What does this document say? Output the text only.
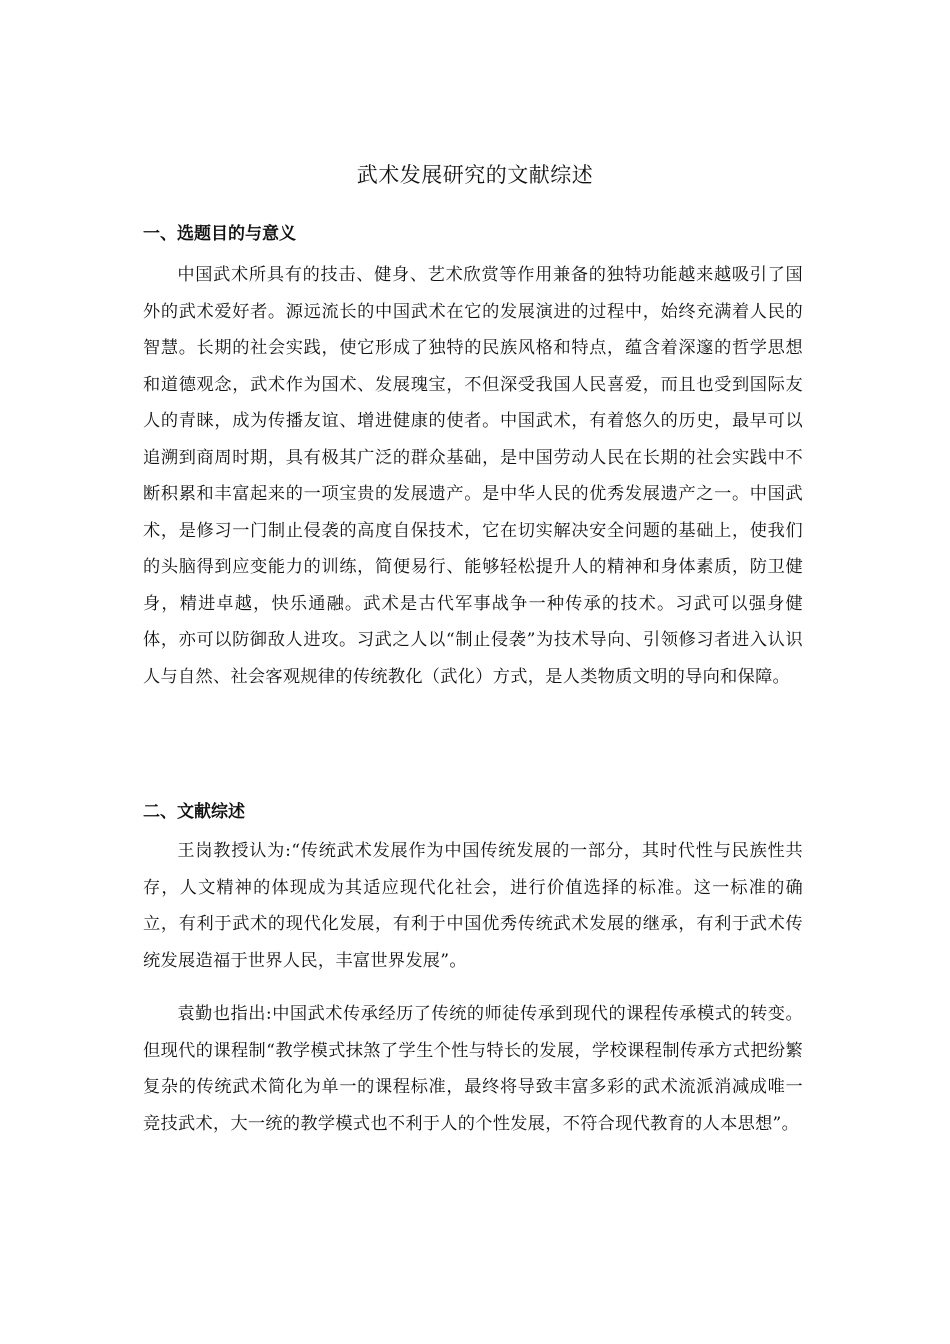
武术发展研究的文献综述
一、选题目的与意义

中国武术所具有的技击、健身、艺术欣赏等作用兼备的独特功能越来越吸引了国外的武术爱好者。源远流长的中国武术在它的发展演进的过程中，始终充满着人民的智慧。长期的社会实践，使它形成了独特的民族风格和特点，蕴含着深邃的哲学思想和道德观念，武术作为国术、发展瑰宝，不但深受我国人民喜爱，而且也受到国际友人的青睐，成为传播友谊、增进健康的使者。中国武术，有着悠久的历史，最早可以追溯到商周时期，具有极其广泛的群众基础，是中国劳动人民在长期的社会实践中不断积累和丰富起来的一项宝贵的发展遗产。是中华人民的优秀发展遗产之一。中国武术，是修习一门制止侵袭的高度自保技术，它在切实解决安全问题的基础上，使我们的头脑得到应变能力的训练，简便易行、能够轻松提升人的精神和身体素质，防卫健身，精进卓越，快乐通融。武术是古代军事战争一种传承的技术。习武可以强身健体，亦可以防御敌人进攻。习武之人以“制止侵袭”为技术导向、引领修习者进入认识人与自然、社会客观规律的传统教化（武化）方式，是人类物质文明的导向和保障。

二、文献综述

王岗教授认为:“传统武术发展作为中国传统发展的一部分，其时代性与民族性共存，人文精神的体现成为其适应现代化社会，进行价值选择的标准。这一标准的确立，有利于武术的现代化发展，有利于中国优秀传统武术发展的继承，有利于武术传统发展造福于世界人民，丰富世界发展”。

袁勤也指出:中国武术传承经历了传统的师徒传承到现代的课程传承模式的转变。但现代的课程制“教学模式抹煞了学生个性与特长的发展，学校课程制传承方式把纷繁复杂的传统武术简化为单一的课程标准，最终将导致丰富多彩的武术流派消减成唯一竞技武术，大一统的教学模式也不利于人的个性发展，不符合现代教育的人本思想”。
